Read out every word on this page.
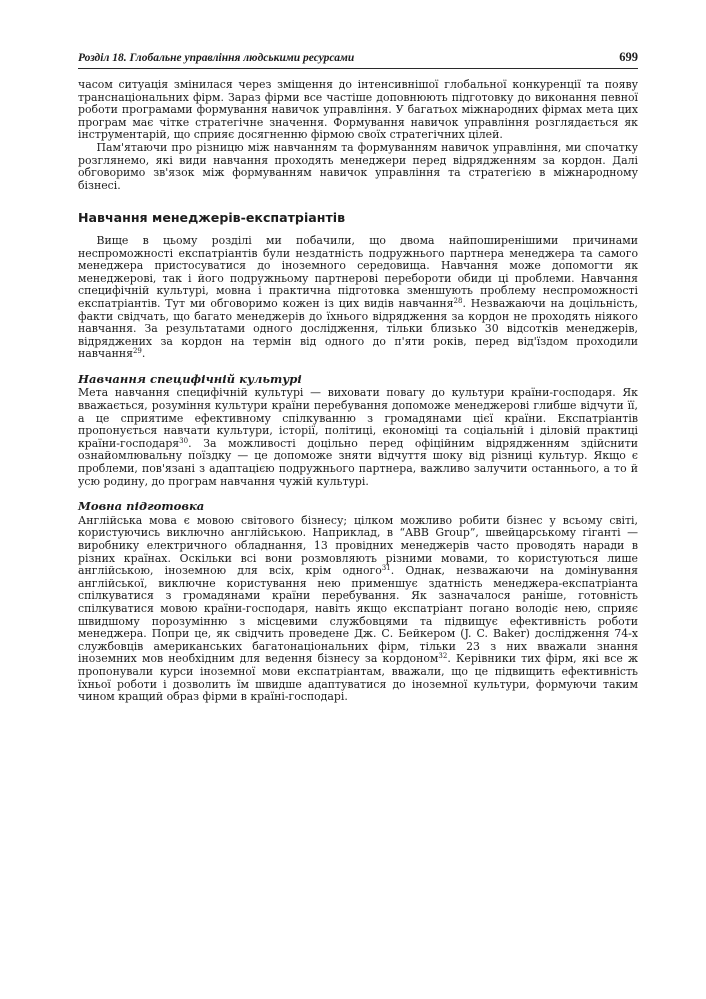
Розділ 18. Глобальне управління людськими ресурсами	699

часом ситуація змінилася через зміщення до інтенсивнішої глобальної конкуренції та появу транснаціональних фірм. Зараз фірми все частіше доповнюють підготовку до виконання певної роботи програмами формування навичок управління. У багатьох міжнародних фірмах мета цих програм має чітке стратегічне значення. Формування навичок управління розглядається як інструментарій, що сприяє досягненню фірмою своїх стратегічних цілей.

Пам'ятаючи про різницю між навчанням та формуванням навичок управління, ми спочатку розглянемо, які види навчання проходять менеджери перед відрядженням за кордон. Далі обговоримо зв'язок між формуванням навичок управління та стратегією в міжнародному бізнесі.

Навчання менеджерів-експатріантів

Вище в цьому розділі ми побачили, що двома найпоширенішими причинами неспроможності експатріантів були нездатність подружнього партнера менеджера та самого менеджера пристосуватися до іноземного середовища. Навчання може допомогти як менеджерові, так і його подружньому партнерові перебороти обиди ці проблеми. Навчання специфічній культурі, мовна і практична підготовка зменшують проблему неспроможності експатріантів. Тут ми обговоримо кожен із цих видів навчання$^{28}$. Незважаючи на доцільність, факти свідчать, що багато менеджерів до їхнього відрядження за кордон не проходять ніякого навчання. За результатами одного дослідження, тільки близько 30 відсотків менеджерів, відряджених за кордон на термін від одного до п'яти років, перед від'їздом проходили навчання$^{29}$.

Навчання специфічній культурі

Мета навчання специфічній культурі — виховати повагу до культури країни-господаря. Як вважається, розуміння культури країни перебування допоможе менеджерові глибше відчути її, а це сприятиме ефективному спілкуванню з громадянами цієї країни. Експатріантів пропонується навчати культури, історії, політиці, економіці та соціальній і діловій практиці країни-господаря$^{30}$. За можливості доцільно перед офіційним відрядженням здійснити ознайомлювальну поїздку — це допоможе зняти відчуття шоку від різниці культур. Якщо є проблеми, пов'язані з адаптацією подружнього партнера, важливо залучити останнього, а то й усю родину, до програм навчання чужій культурі.

Мовна підготовка

Англійська мова є мовою світового бізнесу; цілком можливо робити бізнес у всьому світі, користуючись виключно англійською. Наприклад, в “ABB Group”, швейцарському гіганті — виробнику електричного обладнання, 13 провідних менеджерів часто проводять наради в різних країнах. Оскільки всі вони розмовляють різними мовами, то користуються лише англійською, іноземною для всіх, крім одного$^{31}$. Однак, незважаючи на домінування англійської, виключне користування нею применшує здатність менеджера-експатріанта спілкуватися з громадянами країни перебування. Як зазначалося раніше, готовність спілкуватися мовою країни-господаря, навіть якщо експатріант погано володіє нею, сприяє швидшому порозумінню з місцевими службовцями та підвищує ефективність роботи менеджера. Попри це, як свідчить проведене Дж. С. Бейкером (J. C. Baker) дослідження 74-х службовців американських багатонаціональних фірм, тільки 23 з них вважали знання іноземних мов необхідним для ведення бізнесу за кордоном$^{32}$. Керівники тих фірм, які все ж пропонували курси іноземної мови експатріантам, вважали, що це підвищить ефективність їхньої роботи і дозволить їм швидше адаптуватися до іноземної культури, формуючи таким чином кращий образ фірми в країні-господарі.
